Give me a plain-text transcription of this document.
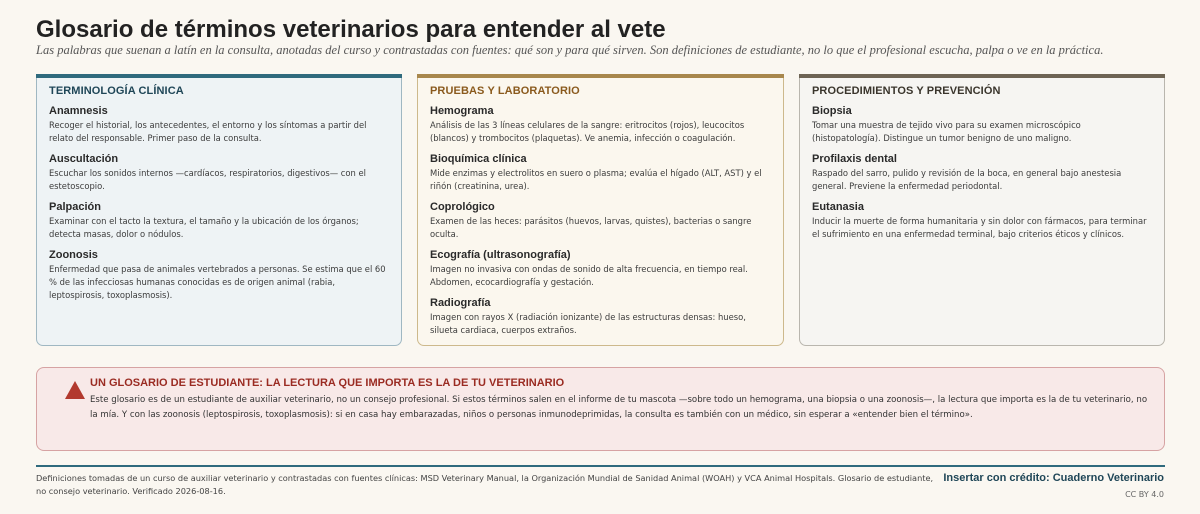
Glosario de términos veterinarios para entender al vete
Las palabras que suenan a latín en la consulta, anotadas del curso y contrastadas con fuentes: qué son y para qué sirven. Son definiciones de estudiante, no lo que el profesional escucha, palpa o ve en la práctica.
TERMINOLOGÍA CLÍNICA
Anamnesis
Recoger el historial, los antecedentes, el entorno y los síntomas a partir del relato del responsable. Primer paso de la consulta.
Auscultación
Escuchar los sonidos internos —cardíacos, respiratorios, digestivos— con el estetoscopio.
Palpación
Examinar con el tacto la textura, el tamaño y la ubicación de los órganos; detecta masas, dolor o nódulos.
Zoonosis
Enfermedad que pasa de animales vertebrados a personas. Se estima que el 60 % de las infecciosas humanas conocidas es de origen animal (rabia, leptospirosis, toxoplasmosis).
PRUEBAS Y LABORATORIO
Hemograma
Análisis de las 3 líneas celulares de la sangre: eritrocitos (rojos), leucocitos (blancos) y trombocitos (plaquetas). Ve anemia, infección o coagulación.
Bioquímica clínica
Mide enzimas y electrolitos en suero o plasma; evalúa el hígado (ALT, AST) y el riñón (creatinina, urea).
Coprológico
Examen de las heces: parásitos (huevos, larvas, quistes), bacterias o sangre oculta.
Ecografía (ultrasonografía)
Imagen no invasiva con ondas de sonido de alta frecuencia, en tiempo real. Abdomen, ecocardiografía y gestación.
Radiografía
Imagen con rayos X (radiación ionizante) de las estructuras densas: hueso, silueta cardiaca, cuerpos extraños.
PROCEDIMIENTOS Y PREVENCIÓN
Biopsia
Tomar una muestra de tejido vivo para su examen microscópico (histopatología). Distingue un tumor benigno de uno maligno.
Profilaxis dental
Raspado del sarro, pulido y revisión de la boca, en general bajo anestesia general. Previene la enfermedad periodontal.
Eutanasia
Inducir la muerte de forma humanitaria y sin dolor con fármacos, para terminar el sufrimiento en una enfermedad terminal, bajo criterios éticos y clínicos.
UN GLOSARIO DE ESTUDIANTE: LA LECTURA QUE IMPORTA ES LA DE TU VETERINARIO
Este glosario es de un estudiante de auxiliar veterinario, no un consejo profesional. Si estos términos salen en el informe de tu mascota —sobre todo un hemograma, una biopsia o una zoonosis—, la lectura que importa es la de tu veterinario, no la mía. Y con las zoonosis (leptospirosis, toxoplasmosis): si en casa hay embarazadas, niños o personas inmunodeprimidas, la consulta es también con un médico, sin esperar a «entender bien el término».
Definiciones tomadas de un curso de auxiliar veterinario y contrastadas con fuentes clínicas: MSD Veterinary Manual, la Organización Mundial de Sanidad Animal (WOAH) y VCA Animal Hospitals. Glosario de estudiante, no consejo veterinario. Verificado 2026-08-16.
Insertar con crédito: Cuaderno Veterinario
CC BY 4.0
